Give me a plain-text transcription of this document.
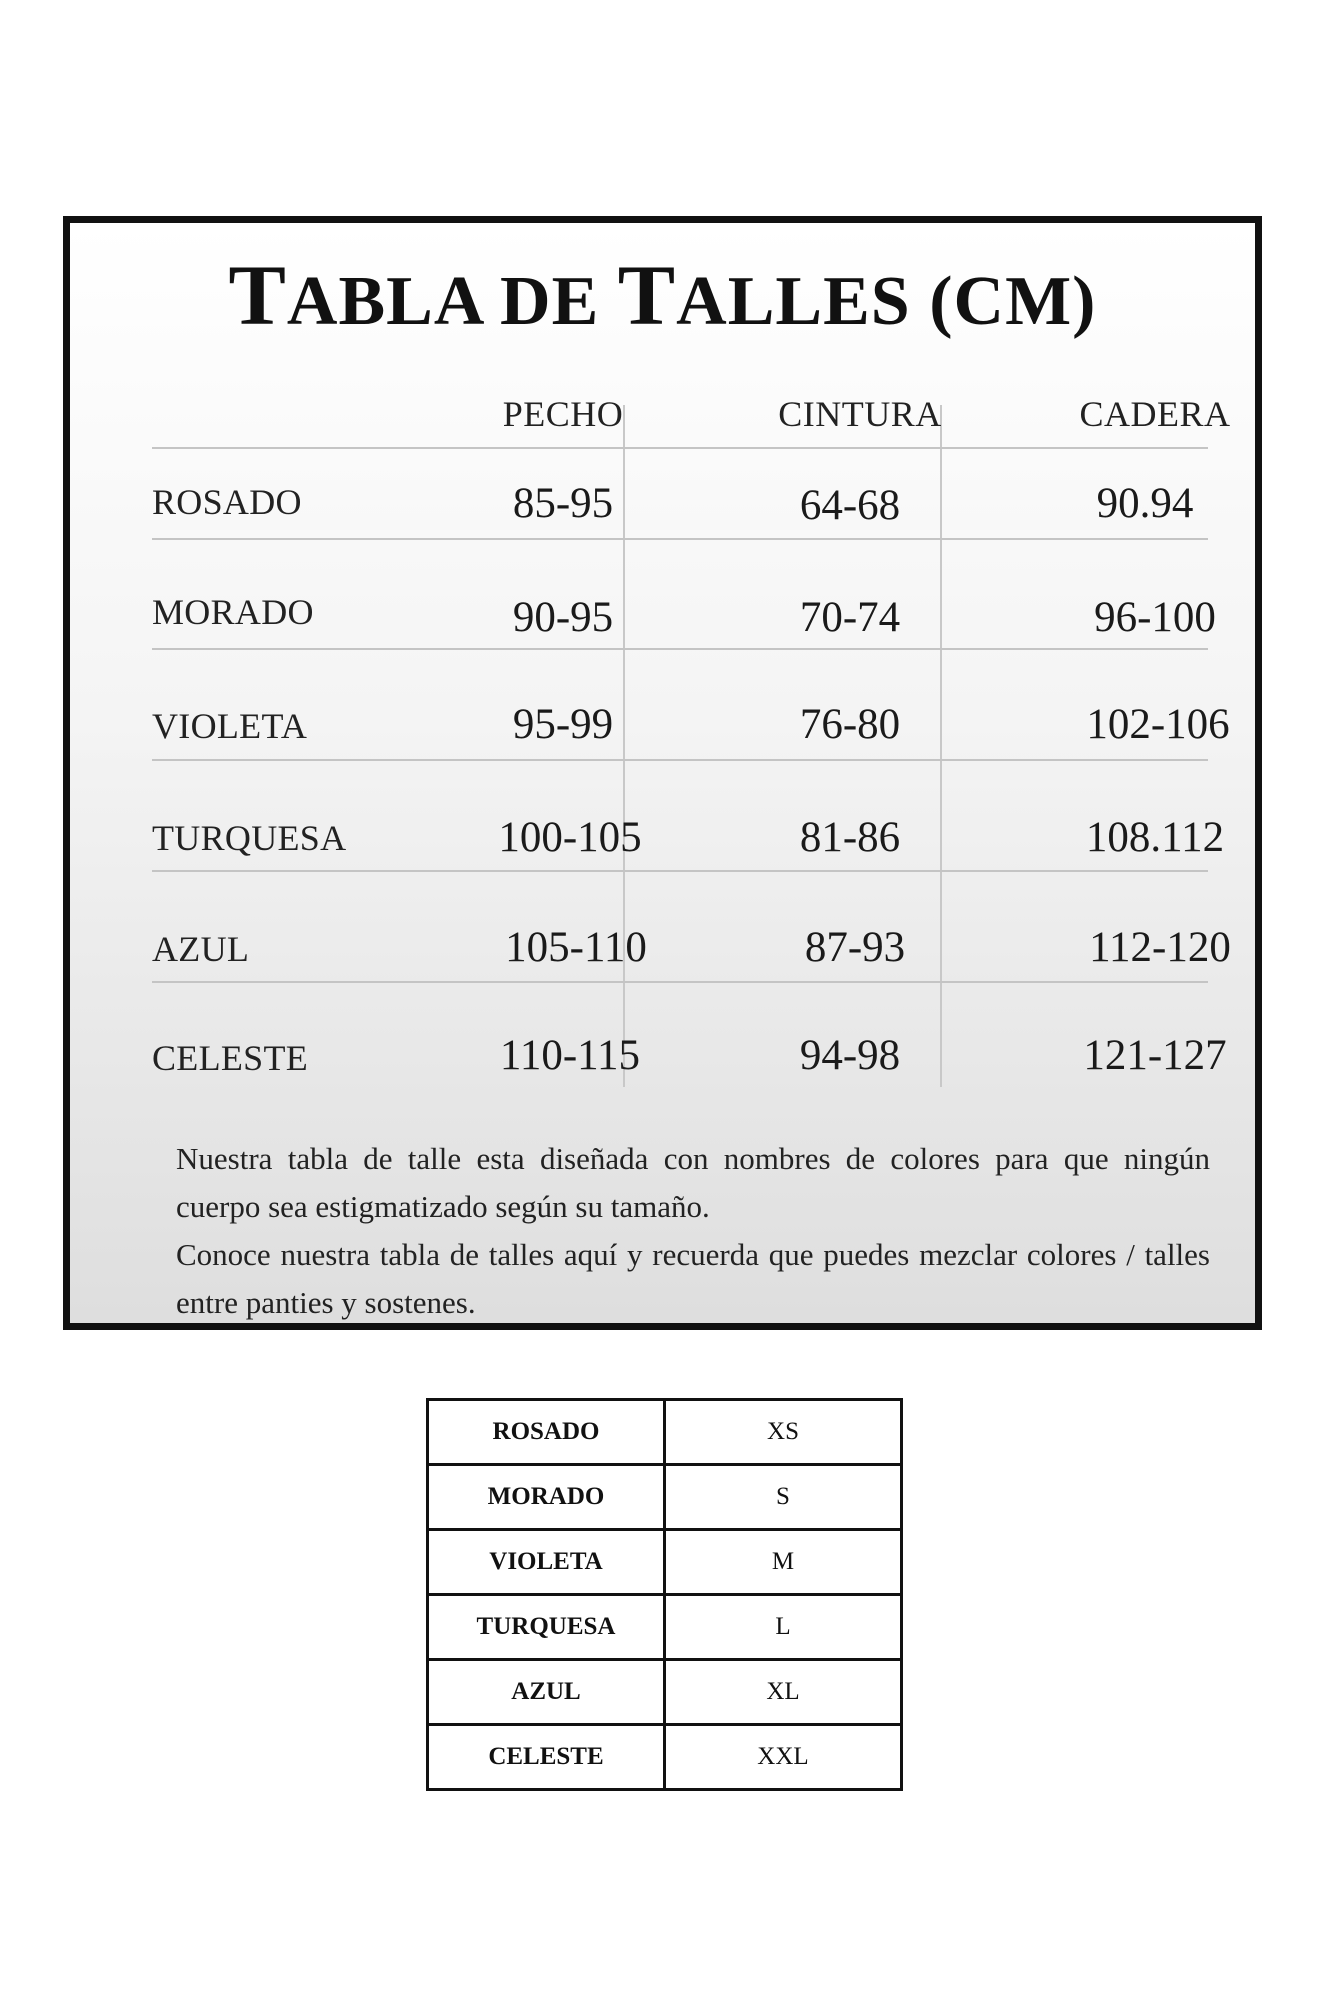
TABLA DE TALLES (CM)
PECHO	CINTURA	CADERA
ROSADO	85-95	64-68	90.94
MORADO	90-95	70-74	96-100
VIOLETA	95-99	76-80	102-106
TURQUESA	100-105	81-86	108.112
AZUL	105-110	87-93	112-120
CELESTE	110-115	94-98	121-127

Nuestra tabla de talle esta diseñada con nombres de colores para que ningún cuerpo sea estigmatizado según su tamaño.

Conoce nuestra tabla de talles aquí y recuerda que puedes mezclar colores / talles entre panties y sostenes.

ROSADO	XS
MORADO	S
VIOLETA	M
TURQUESA	L
AZUL	XL
CELESTE	XXL
